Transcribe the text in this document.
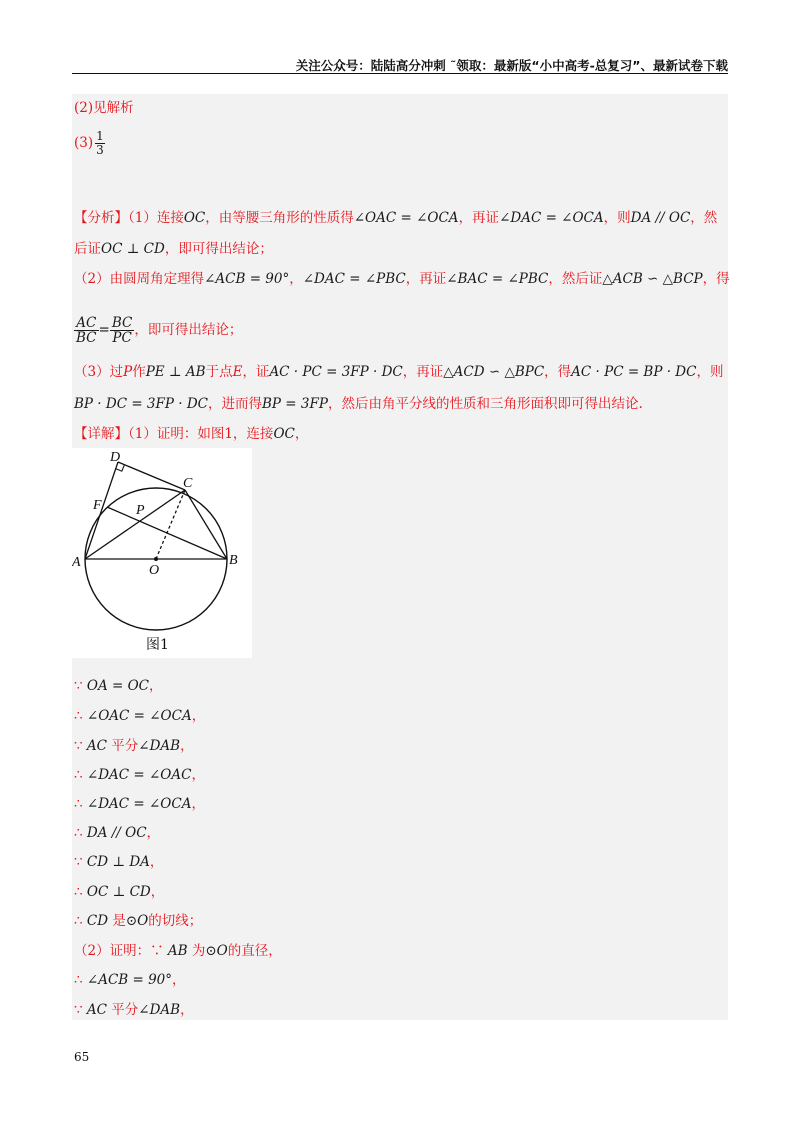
关注公众号：陆陆高分冲刺 ˜领取：最新版“小中高考-总复习”、最新试卷下载
(2)见解析
$(3) \frac{1}{3}$
【分析】（1）连接OC，由等腰三角形的性质得∠OAC = ∠OCA，再证∠DAC = ∠OCA，则DA // OC，然
后证OC ⊥ CD，即可得出结论；
（2）由圆周角定理得∠ACB = 90°，∠DAC = ∠PBC，再证∠BAC = ∠PBC，然后证△ACB ∽ △BCP，得
$\frac{AC}{BC} = \frac{BC}{PC}$ ，即可得出结论；
（3）过P作PE ⊥ AB于点E，证AC · PC = 3FP · DC，再证△ACD ∽ △BPC，得AC · PC = BP · DC，则
BP · DC = 3FP · DC，进而得BP = 3FP，然后由角平分线的性质和三角形面积即可得出结论.
【详解】（1）证明：如图1，连接OC，
D
C
F P
A
O
B
图1
∵ OA = OC，
∴ ∠OAC = ∠OCA，
∵ AC 平分∠DAB，
∴ ∠DAC = ∠OAC，
∴ ∠DAC = ∠OCA，
∴ DA // OC，
∵ CD ⊥ DA，
∴ OC ⊥ CD，
∴ CD 是⊙O的切线；
（2）证明：∵ AB 为⊙O的直径，
∴ ∠ACB = 90°，
∵ AC 平分∠DAB，
65
